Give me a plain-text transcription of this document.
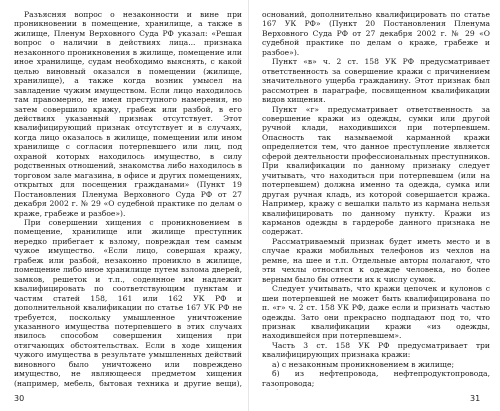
Разъясняя вопрос о незаконности и вине при проникновении в помещение, хранилище, а также в жилище, Пленум Верховного Суда РФ указал: «Решая вопрос о наличии в действиях лица... признака незаконного проникновения в жилище, помещение или иное хранилище, судам необходимо выяснять, с какой целью виновный оказался в помещении (жилище, хранилище), а также когда возник умысел на завладение чужим имуществом. Если лицо находилось там правомерно, не имея преступного намерения, но затем совершило кражу, грабеж или разбой, в его действиях указанный признак отсутствует. Этот квалифицирующий признак отсутствует и в случаях, когда лицо оказалось в жилище, помещении или ином хранилище с согласия потерпевшего или лиц, под охраной которых находилось имущество, в силу родственных отношений, знакомства либо находилось в торговом зале магазина, в офисе и других помещениях, открытых для посещения гражданами» (Пункт 19 Постановления Пленума Верховного Суда РФ от 27 декабря 2002 г. № 29 «О судебной практике по делам о краже, грабеже и разбое»).

При совершении хищения с проникновением в помещение, хранилище или жилище преступник нередко прибегает к взлому, повреждая тем самым чужое имущество. «Если лицо, совершая кражу, грабеж или разбой, незаконно проникло в жилище, помещение либо иное хранилище путем взлома дверей, замков, решеток и т.п., содеянное им надлежит квалифицировать по соответствующим пунктам и частям статей 158, 161 или 162 УК РФ и дополнительной квалификации по статье 167 УК РФ не требуется, поскольку умышленное уничтожение указанного имущества потерпевшего в этих случаях явилось способом совершения хищения при отягчающих обстоятельствах. Если в ходе хищения чужого имущества в результате умышленных действий виновного было уничтожено или повреждено имущество, не являющееся предметом хищения (например, мебель, бытовая техника и другие вещи),

оснований, дополнительно квалифицировать по статье 167 УК РФ» (Пункт 20 Постановления Пленума Верховного Суда РФ от 27 декабря 2002 г. № 29 «О судебной практике по делам о краже, грабеже и разбое»).

Пункт «в» ч. 2 ст. 158 УК РФ предусматривает ответственность за совершение кражи с причинением значительного ущерба гражданину. Этот признак был рассмотрен в параграфе, посвященном квалификации видов хищения.

Пункт «г» предусматривает ответственность за совершение кражи из одежды, сумки или другой ручной клади, находившихся при потерпевшем. Опасность так называемой карманной кражи определяется тем, что данное преступление является сферой деятельности профессиональных преступников. При квалификации по данному признаку следует учитывать, что находиться при потерпевшем (или на потерпевшем) должна именно та одежда, сумка или другая ручная кладь, из которой совершается кража. Например, кражу с вешалки пальто из кармана нельзя квалифицировать по данному пункту. Кражи из карманов одежды в гардеробе данного признака не содержат.

Рассматриваемый признак будет иметь место и в случае кражи мобильных телефонов из чехлов на ремне, на шее и т.п. Отдельные авторы полагают, что эти чехлы относятся к одежде человека, но более верным было бы отнести их к числу сумок.

Следует учитывать, что кражи цепочек и кулонов с шеи потерпевшей не может быть квалифицирована по п. «г» ч. 2 ст. 158 УК РФ, даже если и признать частью одежды. Зато они прекрасно подпадают под то, что признак квалификации кражи «из одежды, находившейся при потерпевшем».

Часть 3 ст. 158 УК РФ предусматривает три квалифицирующих признака кражи:

а) с незаконным проникновением в жилище;

б) из нефтепровода, нефтепродуктопровода, газопровода;

30	31
